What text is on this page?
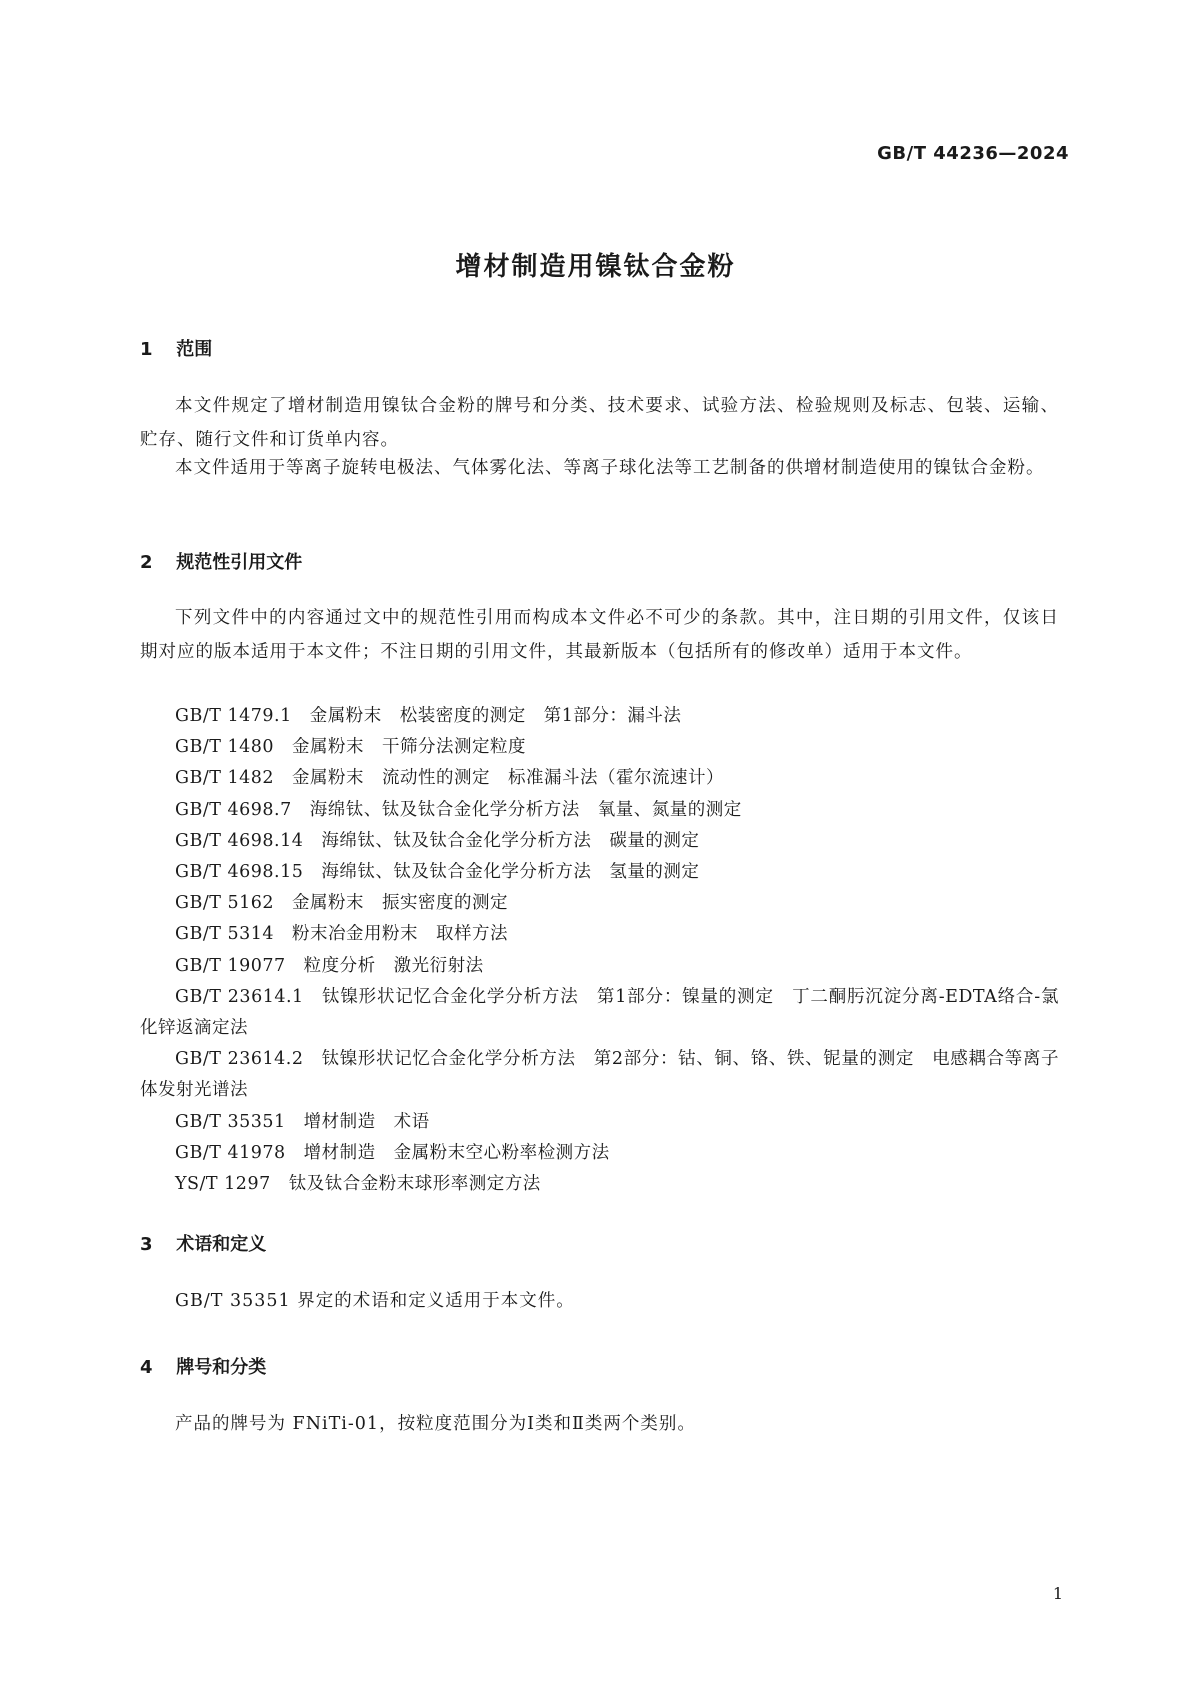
GB/T 44236—2024
增材制造用镍钛合金粉
1 范围
本文件规定了增材制造用镍钛合金粉的牌号和分类、技术要求、试验方法、检验规则及标志、包装、运输、贮存、随行文件和订货单内容。
本文件适用于等离子旋转电极法、气体雾化法、等离子球化法等工艺制备的供增材制造使用的镍钛合金粉。
2 规范性引用文件
下列文件中的内容通过文中的规范性引用而构成本文件必不可少的条款。其中，注日期的引用文件，仅该日期对应的版本适用于本文件；不注日期的引用文件，其最新版本（包括所有的修改单）适用于本文件。
GB/T 1479.1 金属粉末　松装密度的测定　第1部分：漏斗法
GB/T 1480 金属粉末　干筛分法测定粒度
GB/T 1482 金属粉末　流动性的测定　标准漏斗法（霍尔流速计）
GB/T 4698.7 海绵钛、钛及钛合金化学分析方法　氧量、氮量的测定
GB/T 4698.14 海绵钛、钛及钛合金化学分析方法　碳量的测定
GB/T 4698.15 海绵钛、钛及钛合金化学分析方法　氢量的测定
GB/T 5162 金属粉末　振实密度的测定
GB/T 5314 粉末冶金用粉末　取样方法
GB/T 19077 粒度分析　激光衍射法
GB/T 23614.1 钛镍形状记忆合金化学分析方法　第1部分：镍量的测定　丁二酮肟沉淀分离-EDTA络合-氯化锌返滴定法
GB/T 23614.2 钛镍形状记忆合金化学分析方法　第2部分：钴、铜、铬、铁、铌量的测定　电感耦合等离子体发射光谱法
GB/T 35351 增材制造　术语
GB/T 41978 增材制造　金属粉末空心粉率检测方法
YS/T 1297 钛及钛合金粉末球形率测定方法
3 术语和定义
GB/T 35351 界定的术语和定义适用于本文件。
4 牌号和分类
产品的牌号为 FNiTi-01，按粒度范围分为Ⅰ类和Ⅱ类两个类别。
1
